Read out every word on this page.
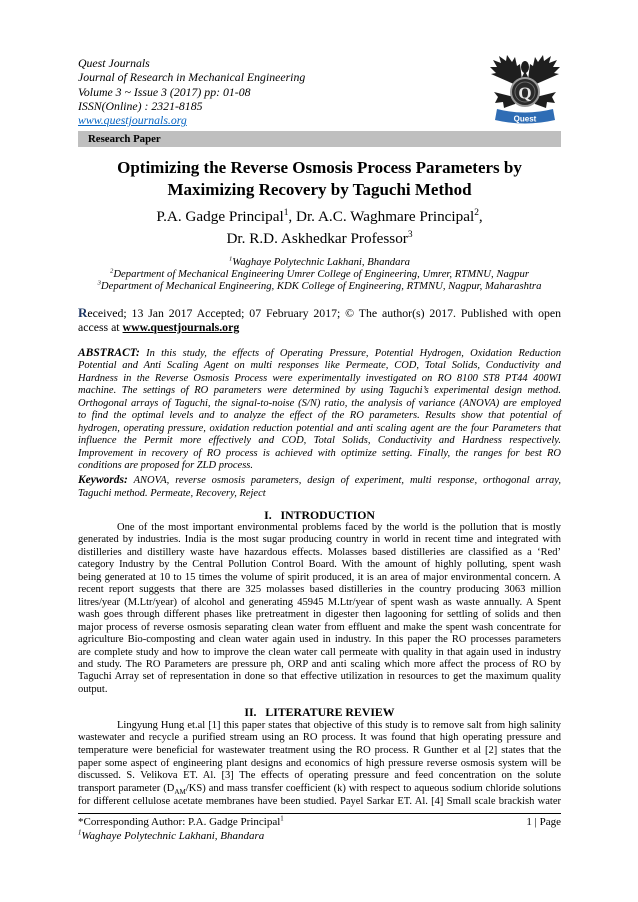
Quest Journals
Journal of Research in Mechanical Engineering
Volume 3 ~ Issue 3 (2017) pp: 01-08
ISSN(Online) : 2321-8185
www.questjournals.org
Q
Quest
Research Paper
Optimizing the Reverse Osmosis Process Parameters by
Maximizing Recovery by Taguchi Method
P.A. Gadge Principal$^1$, Dr. A.C. Waghmare Principal$^2$,
Dr. R.D. Askhedkar Professor$^3$
$^1$Waghaye Polytechnic Lakhani, Bhandara
$^2$Department of Mechanical Engineering Umrer College of Engineering, Umrer, RTMNU, Nagpur
$^3$Department of Mechanical Engineering, KDK College of Engineering, RTMNU, Nagpur, Maharashtra
Received; 13 Jan 2017 Accepted; 07 February 2017; © The author(s) 2017. Published with open
access at www.questjournals.org
ABSTRACT: In this study, the effects of Operating Pressure, Potential Hydrogen, Oxidation Reduction
Potential and Anti Scaling Agent on multi responses like Permeate, COD, Total Solids, Conductivity and
Hardness in the Reverse Osmosis Process were experimentally investigated on RO 8100 ST8 PT44 400WI
machine. The settings of RO parameters were determined by using Taguchi’s experimental design method.
Orthogonal arrays of Taguchi, the signal-to-noise (S/N) ratio, the analysis of variance (ANOVA) are employed
to find the optimal levels and to analyze the effect of the RO parameters. Results show that potential of
hydrogen, operating pressure, oxidation reduction potential and anti scaling agent are the four Parameters that
influence the Permit more effectively and COD, Total Solids, Conductivity and Hardness respectively.
Improvement in recovery of RO process is achieved with optimize setting. Finally, the ranges for best RO
conditions are proposed for ZLD process.
Keywords: ANOVA, reverse osmosis parameters, design of experiment, multi response, orthogonal array,
Taguchi method. Permeate, Recovery, Reject
I.   INTRODUCTION
One of the most important environmental problems faced by the world is the pollution that is mostly
generated by industries. India is the most sugar producing country in world in recent time and integrated with
distilleries and distillery waste have hazardous effects. Molasses based distilleries are classified as a ‘Red’
category Industry by the Central Pollution Control Board. With the amount of highly polluting, spent wash
being generated at 10 to 15 times the volume of spirit produced, it is an area of major environmental concern. A
recent report suggests that there are 325 molasses based distilleries in the country producing 3063 million
litres/year (M.Ltr/year) of alcohol and generating 45945 M.Ltr/year of spent wash as waste annually. A Spent
wash goes through different phases like pretreatment in digester then lagooning for settling of solids and then
major process of reverse osmosis separating clean water from effluent and make the spent wash concentrate for
agriculture Bio-composting and clean water again used in industry. In this paper the RO processes parameters
are complete study and how to improve the clean water call permeate with quality in that again used in industry
and study. The RO Parameters are pressure ph, ORP and anti scaling which more affect the process of RO by
Taguchi Array set of representation in done so that effective utilization in resources to get the maximum quality
output.
II.   LITERATURE REVIEW
Lingyung Hung et.al [1] this paper states that objective of this study is to remove salt from high salinity
wastewater and recycle a purified stream using an RO process. It was found that high operating pressure and
temperature were beneficial for wastewater treatment using the RO process. R Gunther et al [2] states that the
paper some aspect of engineering plant designs and economics of high pressure reverse osmosis system will be
discussed. S. Velikova ET. Al. [3] The effects of operating pressure and feed concentration on the solute
transport parameter $(D_{AM}/KS)$ and mass transfer coefficient (k) with respect to aqueous sodium chloride solutions
for different cellulose acetate membranes have been studied. Payel Sarkar ET. Al. [4] Small scale brackish water
*Corresponding Author: P.A. Gadge Principal$^1$	1 | Page
$^1$Waghaye Polytechnic Lakhani, Bhandara
